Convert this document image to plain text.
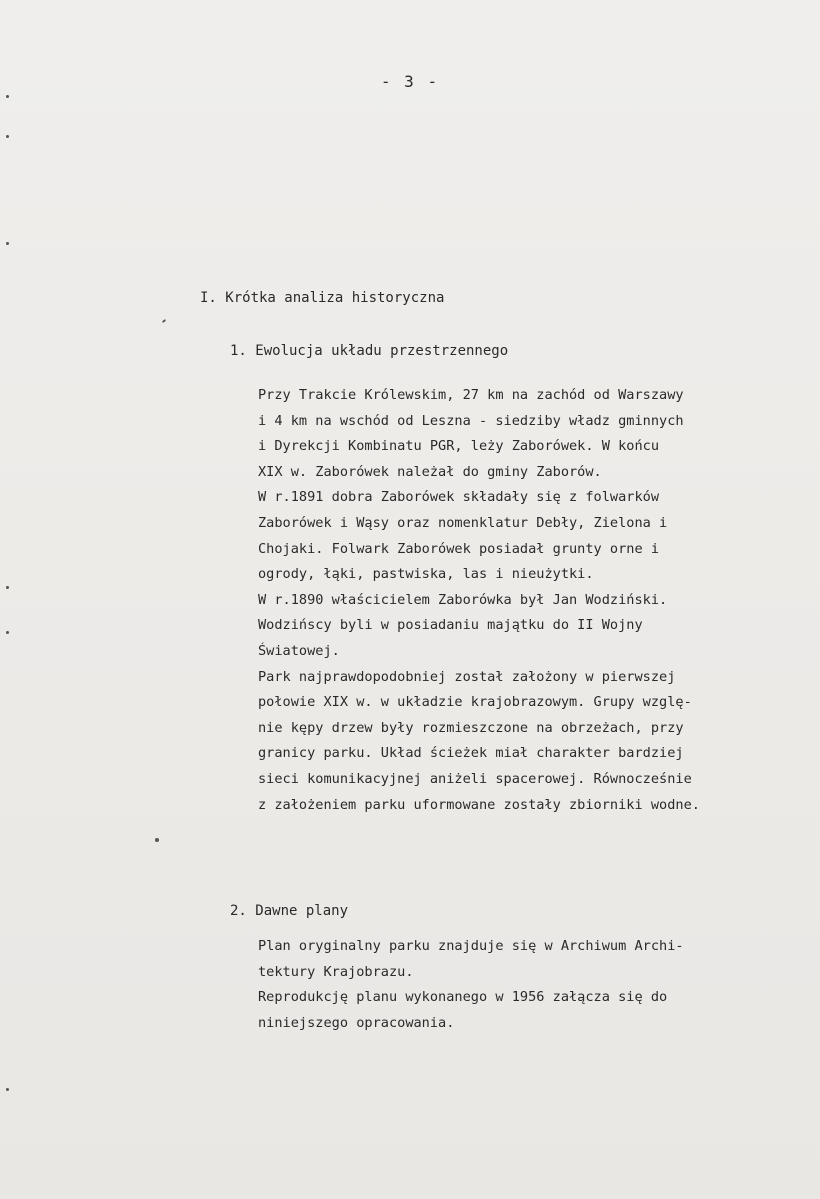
- 3 -
I. Krótka analiza historyczna
1. Ewolucja układu przestrzennego
Przy Trakcie Królewskim, 27 km na zachód od Warszawy
i 4 km na wschód od Leszna - siedziby władz gminnych
i Dyrekcji Kombinatu PGR, leży Zaborówek. W końcu
XIX w. Zaborówek należał do gminy Zaborów.
W r.1891 dobra Zaborówek składały się z folwarków
Zaborówek i Wąsy oraz nomenklatur Debły, Zielona i
Chojaki. Folwark Zaborówek posiadał grunty orne i
ogrody, łąki, pastwiska, las i nieużytki.
W r.1890 właścicielem Zaborówka był Jan Wodziński.
Wodzińscy byli w posiadaniu majątku do II Wojny
Światowej.
Park najprawdopodobniej został założony w pierwszej
połowie XIX w. w układzie krajobrazowym. Grupy wzglę-
nie kępy drzew były rozmieszczone na obrzeżach, przy
granicy parku. Układ ścieżek miał charakter bardziej
sieci komunikacyjnej aniżeli spacerowej. Równocześnie
z założeniem parku uformowane zostały zbiorniki wodne.
2. Dawne plany
Plan oryginalny parku znajduje się w Archiwum Archi-
tektury Krajobrazu.
Reprodukcję planu wykonanego w 1956 załącza się do
niniejszego opracowania.
